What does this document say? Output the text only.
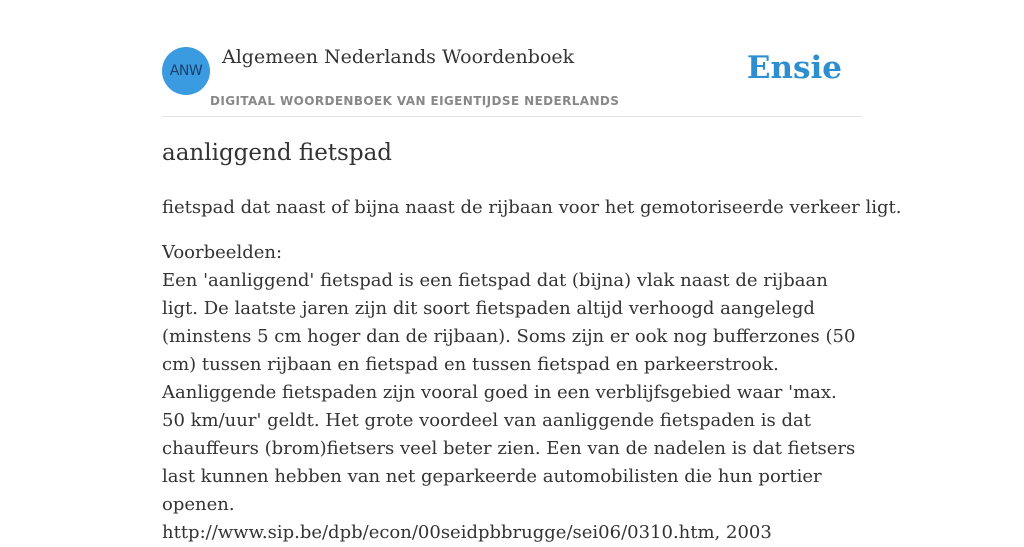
ANW
Algemeen Nederlands Woordenboek
DIGITAAL WOORDENBOEK VAN EIGENTIJDSE NEDERLANDS
Ensie
aanliggend fietspad

fietspad dat naast of bijna naast de rijbaan voor het gemotoriseerde verkeer ligt.

Voorbeelden:
Een 'aanliggend' fietspad is een fietspad dat (bijna) vlak naast de rijbaan ligt. De laatste jaren zijn dit soort fietspaden altijd verhoogd aangelegd (minstens 5 cm hoger dan de rijbaan). Soms zijn er ook nog bufferzones (50 cm) tussen rijbaan en fietspad en tussen fietspad en parkeerstrook. Aanliggende fietspaden zijn vooral goed in een verblijfsgebied waar 'max. 50 km/uur' geldt. Het grote voordeel van aanliggende fietspaden is dat chauffeurs (brom)fietsers veel beter zien. Een van de nadelen is dat fietsers last kunnen hebben van net geparkeerde automobilisten die hun portier openen.
http://www.sip.be/dpb/econ/00seidpbbrugge/sei06/0310.htm, 2003
